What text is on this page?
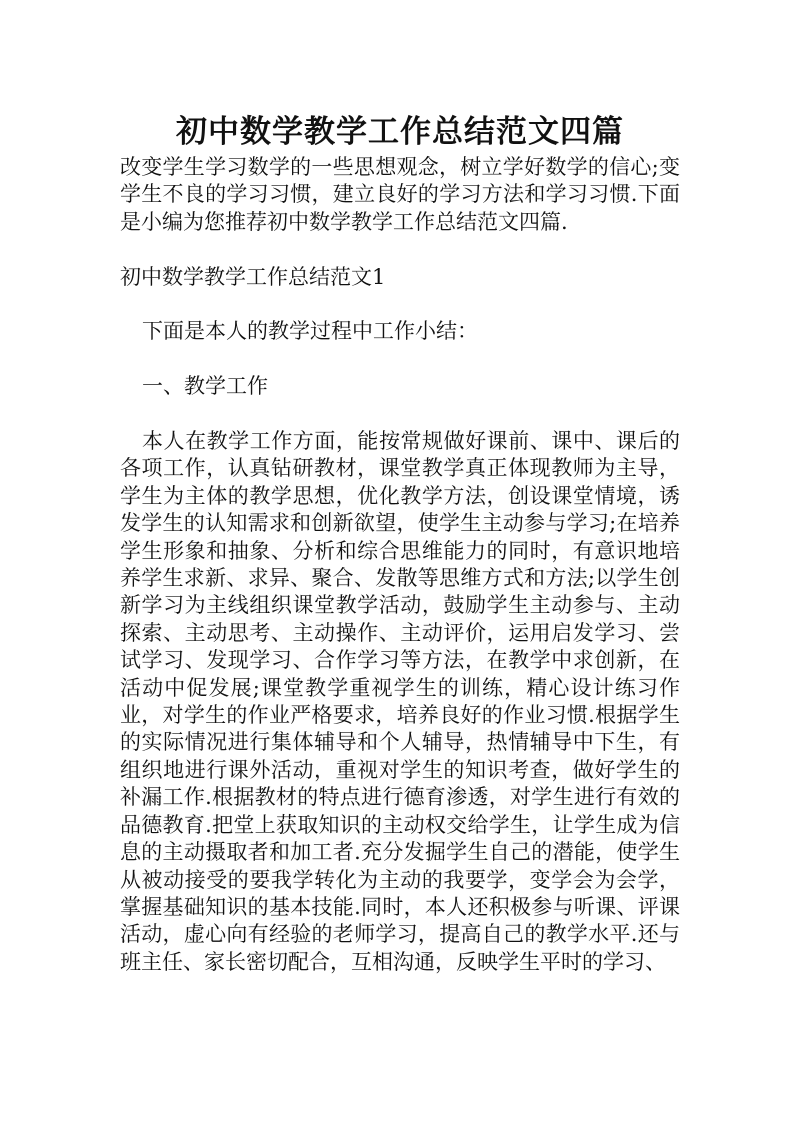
初中数学教学工作总结范文四篇

改变学生学习数学的一些思想观念，树立学好数学的信心;变学生不良的学习习惯，建立良好的学习方法和学习习惯.下面是小编为您推荐初中数学教学工作总结范文四篇.

初中数学教学工作总结范文1

下面是本人的教学过程中工作小结：

一、教学工作

本人在教学工作方面，能按常规做好课前、课中、课后的各项工作，认真钻研教材，课堂教学真正体现教师为主导，学生为主体的教学思想，优化教学方法，创设课堂情境，诱发学生的认知需求和创新欲望，使学生主动参与学习;在培养学生形象和抽象、分析和综合思维能力的同时，有意识地培养学生求新、求异、聚合、发散等思维方式和方法;以学生创新学习为主线组织课堂教学活动，鼓励学生主动参与、主动探索、主动思考、主动操作、主动评价，运用启发学习、尝试学习、发现学习、合作学习等方法，在教学中求创新，在活动中促发展;课堂教学重视学生的训练，精心设计练习作业，对学生的作业严格要求，培养良好的作业习惯.根据学生的实际情况进行集体辅导和个人辅导，热情辅导中下生，有组织地进行课外活动，重视对学生的知识考查，做好学生的补漏工作.根据教材的特点进行德育渗透，对学生进行有效的品德教育.把堂上获取知识的主动权交给学生，让学生成为信息的主动摄取者和加工者.充分发掘学生自己的潜能，使学生从被动接受的要我学转化为主动的我要学，变学会为会学，掌握基础知识的基本技能.同时，本人还积极参与听课、评课活动，虚心向有经验的老师学习，提高自己的教学水平.还与班主任、家长密切配合，互相沟通，反映学生平时的学习、
